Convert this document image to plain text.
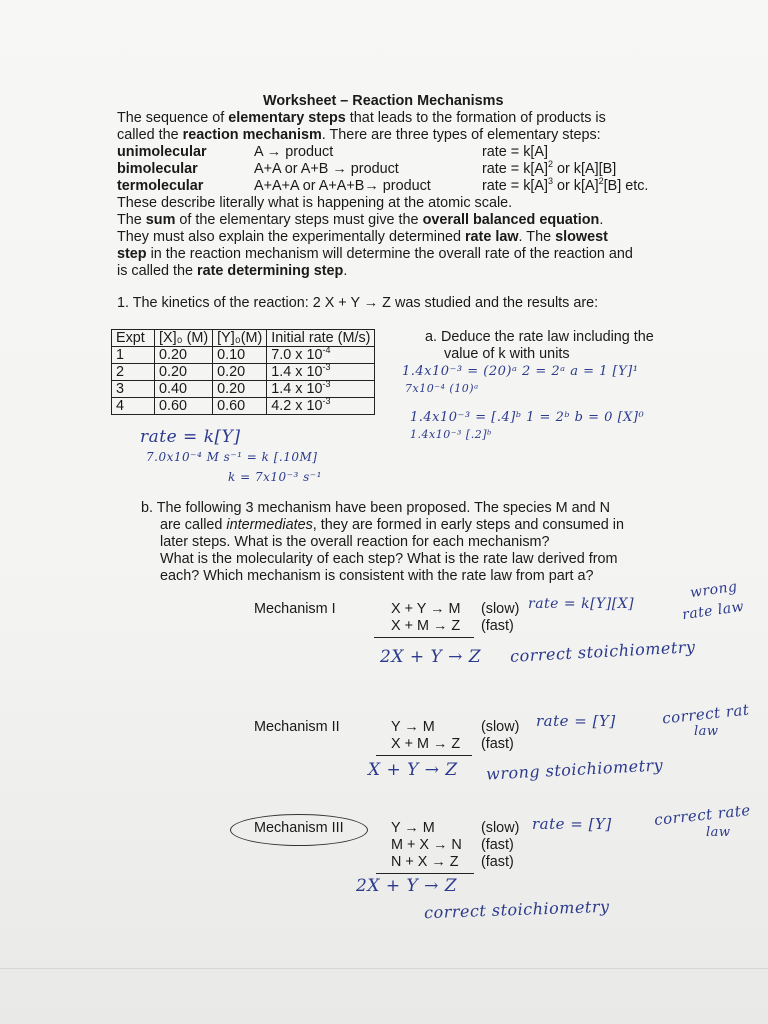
Worksheet – Reaction Mechanisms
The sequence of elementary steps that leads to the formation of products is
called the reaction mechanism. There are three types of elementary steps:
unimolecular	A → product	rate = k[A]
bimolecular	A+A or A+B → product	rate = $k[A]^2$ or k[A][B]
termolecular	A+A+A or A+A+B→ product	rate = $k[A]^3$ or $k[A]^2[B]$ etc.
These describe literally what is happening at the atomic scale.
The sum of the elementary steps must give the overall balanced equation.
They must also explain the experimentally determined rate law. The slowest
step in the reaction mechanism will determine the overall rate of the reaction and
is called the rate determining step.
1. The kinetics of the reaction: 2 X + Y → Z was studied and the results are:
Expt	[X]₀ (M)	[Y]₀(M)	Initial rate (M/s)
1	0.20	0.10	7.0 x $10^{-4}$
2	0.20	0.20	1.4 x $10^{-3}$
3	0.40	0.20	1.4 x $10^{-3}$
4	0.60	0.60	4.2 x $10^{-3}$
a. Deduce the rate law including the
value of k with units
1.4x10⁻³ = (20)ᵃ 2 = 2ᵃ a = 1 [Y]¹
7x10⁻⁴ (10)ᵃ
1.4x10⁻³ = [.4]ᵇ 1 = 2ᵇ b = 0 [X]⁰
1.4x10⁻³ [.2]ᵇ
rate = k[Y]
7.0x10⁻⁴ M s⁻¹ = k [.10M]
k = 7x10⁻³ s⁻¹
b. The following 3 mechanism have been proposed. The species M and N
are called intermediates, they are formed in early steps and consumed in
later steps. What is the overall reaction for each mechanism?
What is the molecularity of each step? What is the rate law derived from
each? Which mechanism is consistent with the rate law from part a?
Mechanism I	X + Y → M (slow)
X + M → Z (fast)
rate = k[Y][X]
wrong
rate law
2X + Y → Z correct stoichiometry
Mechanism II	Y → M	(slow)
X + M → Z (fast)
rate = [Y]	correct rat
law
X + Y → Z wrong stoichiometry
Mechanism III	Y → M	(slow)
M + X → N (fast)
N + X → Z (fast)
rate = [Y]	correct rate
law
2X + Y → Z
correct stoichiometry
